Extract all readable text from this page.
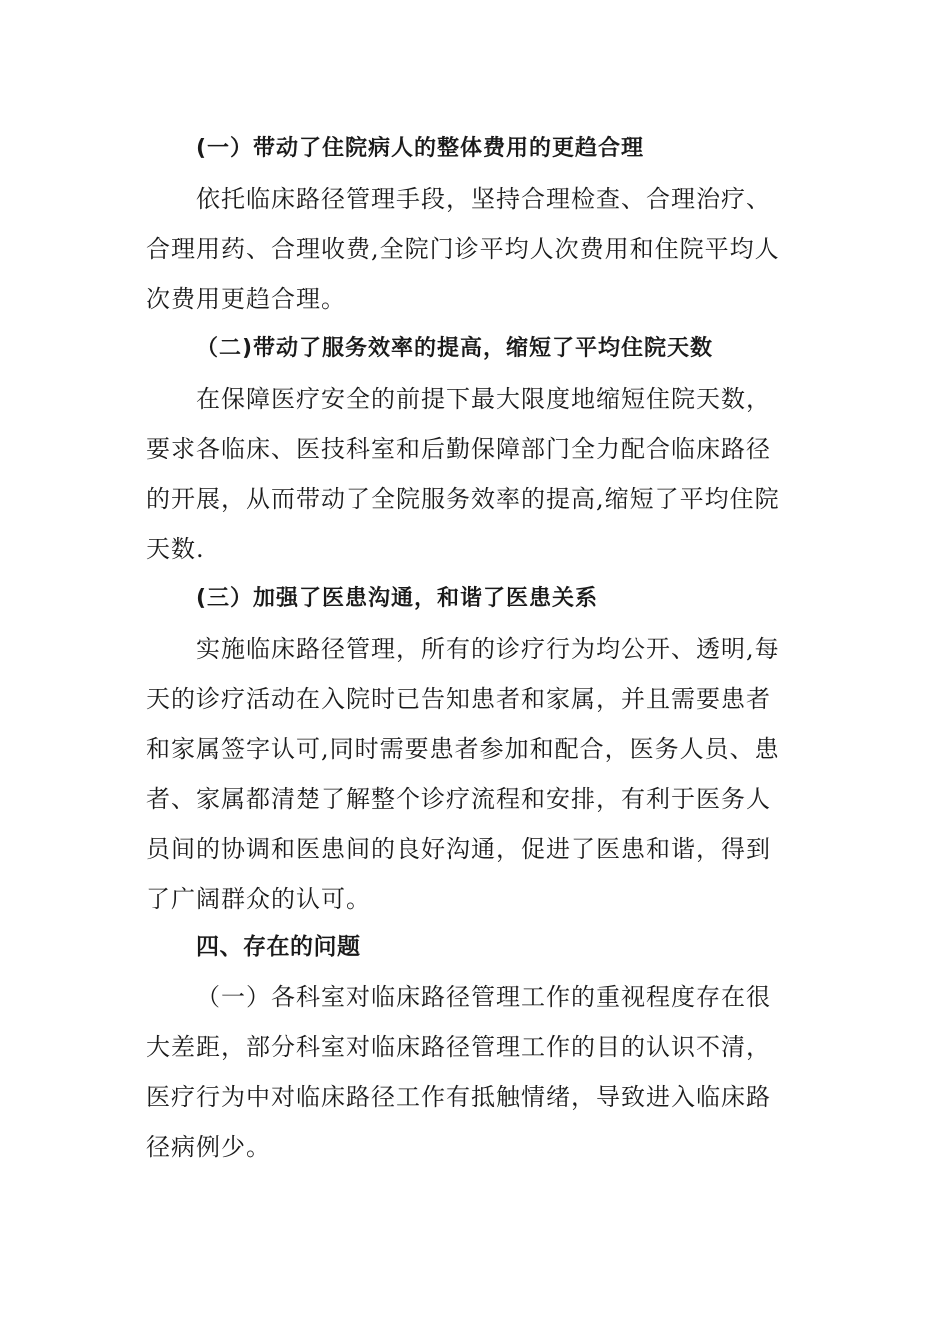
(一）带动了住院病人的整体费用的更趋合理
依托临床路径管理手段，坚持合理检查、合理治疗、
合理用药、合理收费,全院门诊平均人次费用和住院平均人
次费用更趋合理。
（二)带动了服务效率的提高，缩短了平均住院天数
在保障医疗安全的前提下最大限度地缩短住院天数，
要求各临床、医技科室和后勤保障部门全力配合临床路径
的开展，从而带动了全院服务效率的提高,缩短了平均住院
天数.
(三）加强了医患沟通，和谐了医患关系
实施临床路径管理，所有的诊疗行为均公开、透明,每
天的诊疗活动在入院时已告知患者和家属，并且需要患者
和家属签字认可,同时需要患者参加和配合，医务人员、患
者、家属都清楚了解整个诊疗流程和安排，有利于医务人
员间的协调和医患间的良好沟通，促进了医患和谐，得到
了广阔群众的认可。
四、存在的问题
（一）各科室对临床路径管理工作的重视程度存在很
大差距，部分科室对临床路径管理工作的目的认识不清，
医疗行为中对临床路径工作有抵触情绪，导致进入临床路
径病例少。
